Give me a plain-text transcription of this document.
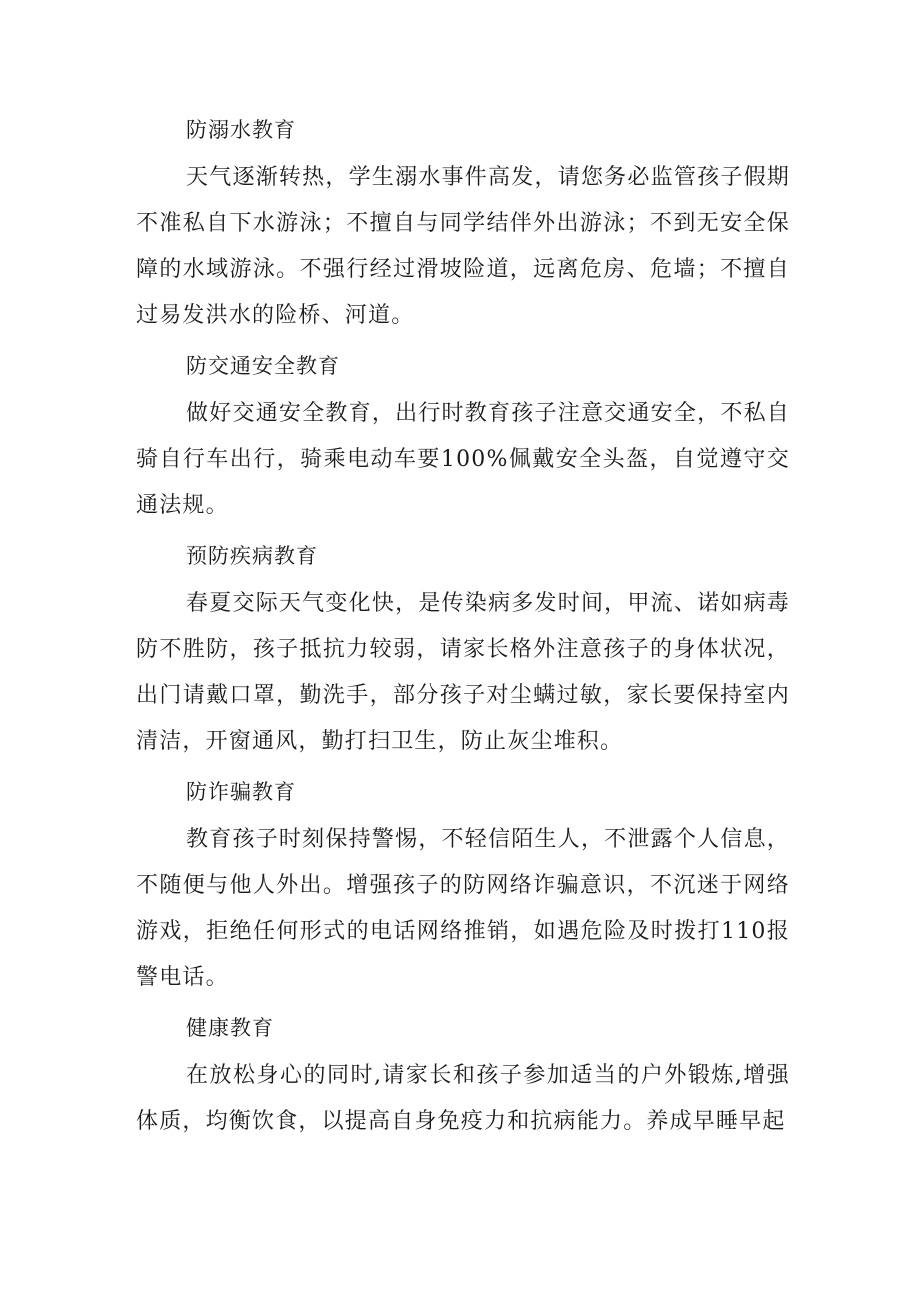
防溺水教育

天气逐渐转热，学生溺水事件高发，请您务必监管孩子假期不准私自下水游泳；不擅自与同学结伴外出游泳；不到无安全保障的水域游泳。不强行经过滑坡险道，远离危房、危墙；不擅自过易发洪水的险桥、河道。

防交通安全教育

做好交通安全教育，出行时教育孩子注意交通安全，不私自骑自行车出行，骑乘电动车要100%佩戴安全头盔，自觉遵守交通法规。

预防疾病教育

春夏交际天气变化快，是传染病多发时间，甲流、诺如病毒防不胜防，孩子抵抗力较弱，请家长格外注意孩子的身体状况，出门请戴口罩，勤洗手，部分孩子对尘螨过敏，家长要保持室内清洁，开窗通风，勤打扫卫生，防止灰尘堆积。

防诈骗教育

教育孩子时刻保持警惕，不轻信陌生人，不泄露个人信息，不随便与他人外出。增强孩子的防网络诈骗意识，不沉迷于网络游戏，拒绝任何形式的电话网络推销，如遇危险及时拨打110报警电话。

健康教育

在放松身心的同时,请家长和孩子参加适当的户外锻炼,增强体质，均衡饮食，以提高自身免疫力和抗病能力。养成早睡早起
